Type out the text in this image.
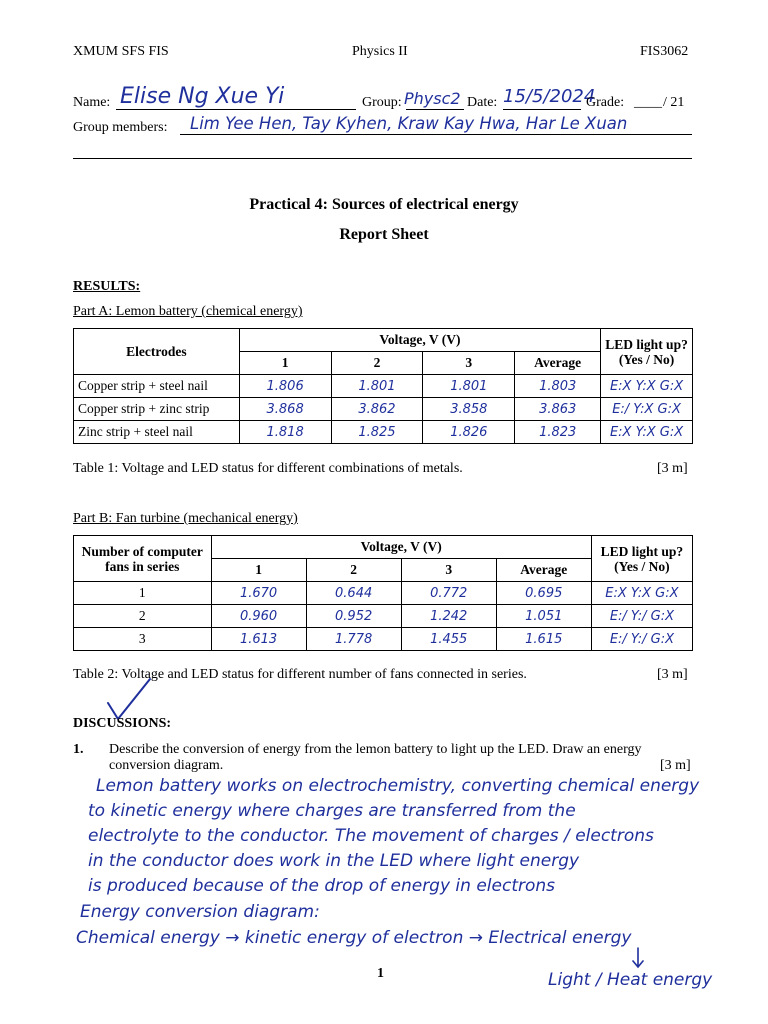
XMUM SFS FIS	Physics II	FIS3062
Name: Elise Ng Xue Yi	Group: Physc2 Date: 15/5/2024
Grade: ____ / 21
Group members: Lim Yee Hen, Tay Kyhen, Kraw Kay Hwa, Har Le Xuan
Practical 4: Sources of electrical energy
Report Sheet
RESULTS:
Part A: Lemon battery (chemical energy)
Electrodes	Voltage, V (V)				LED light up? (Yes / No)
	1	2	3	Average	
Copper strip + steel nail	1.806	1.801	1.801	1.803	E:X Y:X G:X
Copper strip + zinc strip	3.868	3.862	3.858	3.863	E:/ Y:X G:X
Zinc strip + steel nail	1.818	1.825	1.826	1.823	E:X Y:X G:X
Table 1: Voltage and LED status for different combinations of metals.	[3 m]
Part B: Fan turbine (mechanical energy)
Number of computer fans in series	Voltage, V (V)				LED light up? (Yes / No)
	1	2	3	Average	
1	1.670	0.644	0.772	0.695	E:X Y:X G:X
2	0.960	0.952	1.242	1.051	E:/ Y:/ G:X
3	1.613	1.778	1.455	1.615	E:/ Y:/ G:X
Table 2: Voltage and LED status for different number of fans connected in series.	[3 m]
DISCUSSIONS:
1. Describe the conversion of energy from the lemon battery to light up the LED. Draw an energy
conversion diagram.	[3 m]
Lemon battery works on electrochemistry, converting chemical energy
to kinetic energy where charges are transferred from the
electrolyte to the conductor. The movement of charges / electrons
in the conductor does work in the LED where light energy
is produced because of the drop of energy in electrons
Energy conversion diagram:
Chemical energy → kinetic energy of electron → Electrical energy
Light / Heat energy
1
